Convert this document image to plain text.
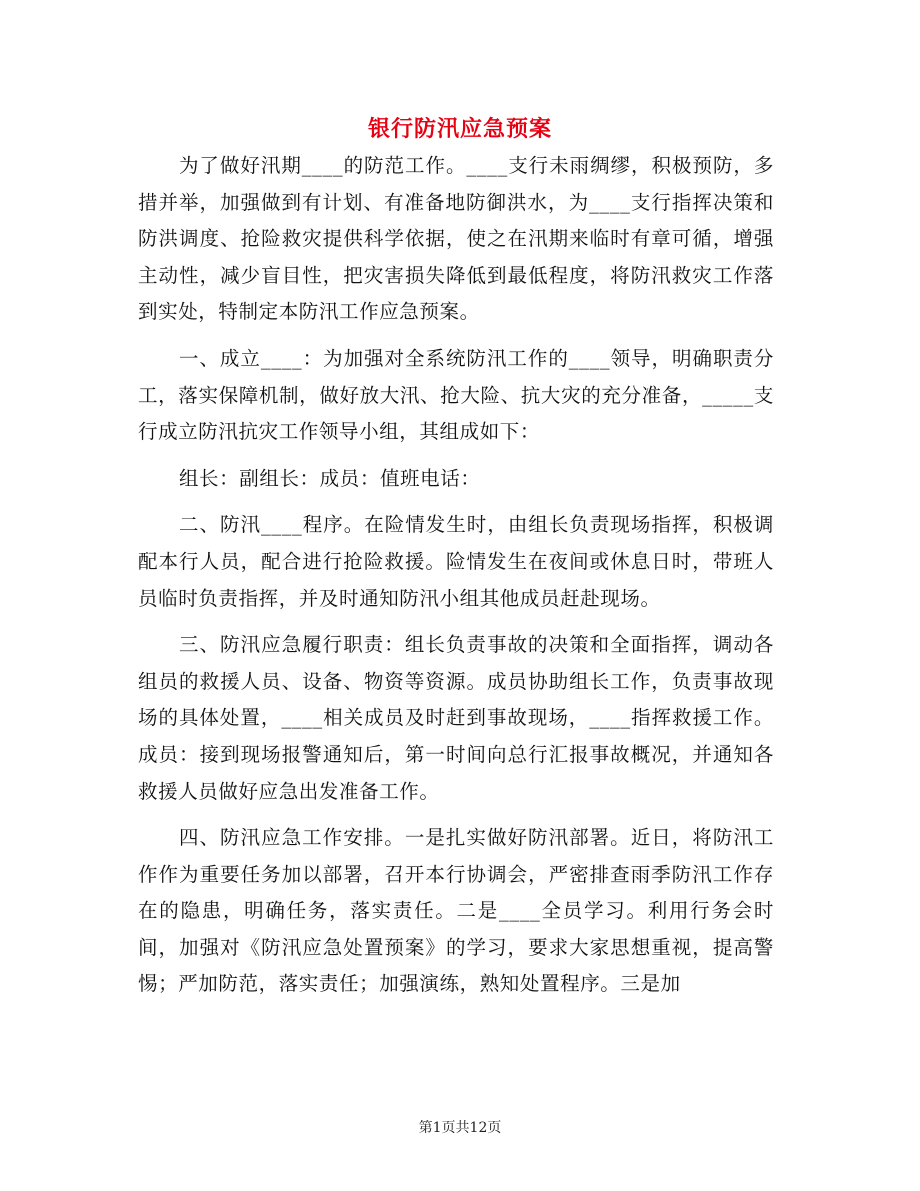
银行防汛应急预案

为了做好汛期____的防范工作。____支行未雨绸缪，积极预防，多措并举，加强做到有计划、有准备地防御洪水，为____支行指挥决策和防洪调度、抢险救灾提供科学依据，使之在汛期来临时有章可循，增强主动性，减少盲目性，把灾害损失降低到最低程度，将防汛救灾工作落到实处，特制定本防汛工作应急预案。

一、成立____：为加强对全系统防汛工作的____领导，明确职责分工，落实保障机制，做好放大汛、抢大险、抗大灾的充分准备，_____支行成立防汛抗灾工作领导小组，其组成如下：

组长：副组长：成员：值班电话：

二、防汛____程序。在险情发生时，由组长负责现场指挥，积极调配本行人员，配合进行抢险救援。险情发生在夜间或休息日时，带班人员临时负责指挥，并及时通知防汛小组其他成员赶赴现场。

三、防汛应急履行职责：组长负责事故的决策和全面指挥，调动各组员的救援人员、设备、物资等资源。成员协助组长工作，负责事故现场的具体处置，____相关成员及时赶到事故现场，____指挥救援工作。成员：接到现场报警通知后，第一时间向总行汇报事故概况，并通知各救援人员做好应急出发准备工作。

四、防汛应急工作安排。一是扎实做好防汛部署。近日，将防汛工作作为重要任务加以部署，召开本行协调会，严密排查雨季防汛工作存在的隐患，明确任务，落实责任。二是____全员学习。利用行务会时间，加强对《防汛应急处置预案》的学习，要求大家思想重视，提高警惕；严加防范，落实责任；加强演练，熟知处置程序。三是加

第1页共12页
